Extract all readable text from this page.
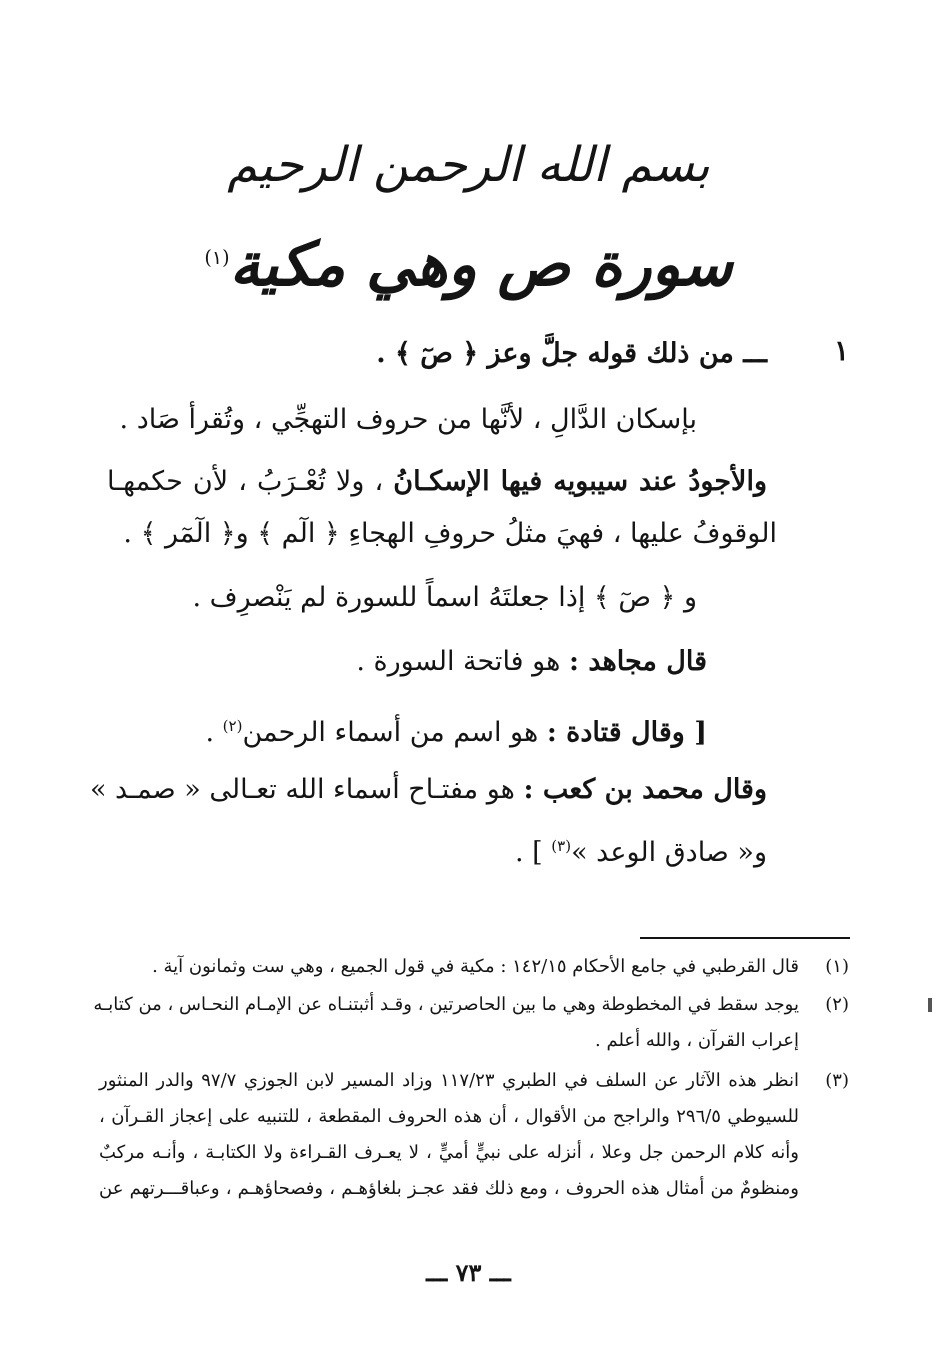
بسم الله الرحمن الرحيم
سورة ص وهي مكية$^{(١)}$
١
ـــ من ذلك قوله جلَّ وعز ﴿ صٓ ﴾ .
بإسكان الدَّالِ ، لأنَّها من حروف التهجِّي ، وتُقرأ صَاد .
والأجودُ عند سيبويه فيها الإسكـانُ ، ولا تُعْـرَبُ ، لأن حكمهـا
الوقوفُ عليها ، فهيَ مثلُ حروفِ الهجاءِ ﴿ الٓم ﴾ و﴿ الٓمٓر ﴾ .
و ﴿ صٓ ﴾ إذا جعلتَهُ اسماً للسورة لم يَنْصرِف .
قال مجاهد : هو فاتحة السورة .
[ وقال قتادة : هو اسم من أسماء الرحمن$^{(٢)}$ .
وقال محمد بن كعب : هو مفتـاح أسماء الله تعـالى « صمـد »
و« صادق الوعد »$^{(٣)}$ ] .
(١)
قال القرطبي في جامع الأحكام ١٤٢/١٥ : مكية في قول الجميع ، وهي ست وثمانون آية .
(٢)
يوجد سقط في المخطوطة وهي ما بين الحاصرتين ، وقـد أثبتنـاه عن الإمـام النحـاس ، من كتابـه
إعراب القرآن ، والله أعلم .
(٣)
انظر هذه الآثار عن السلف في الطبري ١١٧/٢٣ وزاد المسير لابن الجوزي ٩٧/٧ والدر المنثور
للسيوطي ٢٩٦/٥ والراجح من الأقوال ، أن هذه الحروف المقطعة ، للتنبيه على إعجاز القـرآن ،
وأنه كلام الرحمن جل وعلا ، أنزله على نبيٍّ أميٍّ ، لا يعـرف القـراءة ولا الكتابـة ، وأنـه مركبٌ
ومنظومٌ من أمثال هذه الحروف ، ومع ذلك فقد عجـز بلغاؤهـم ، وفصحاؤهـم ، وعباقـــرتهم عن
ـــ ٧٣ ـــ
